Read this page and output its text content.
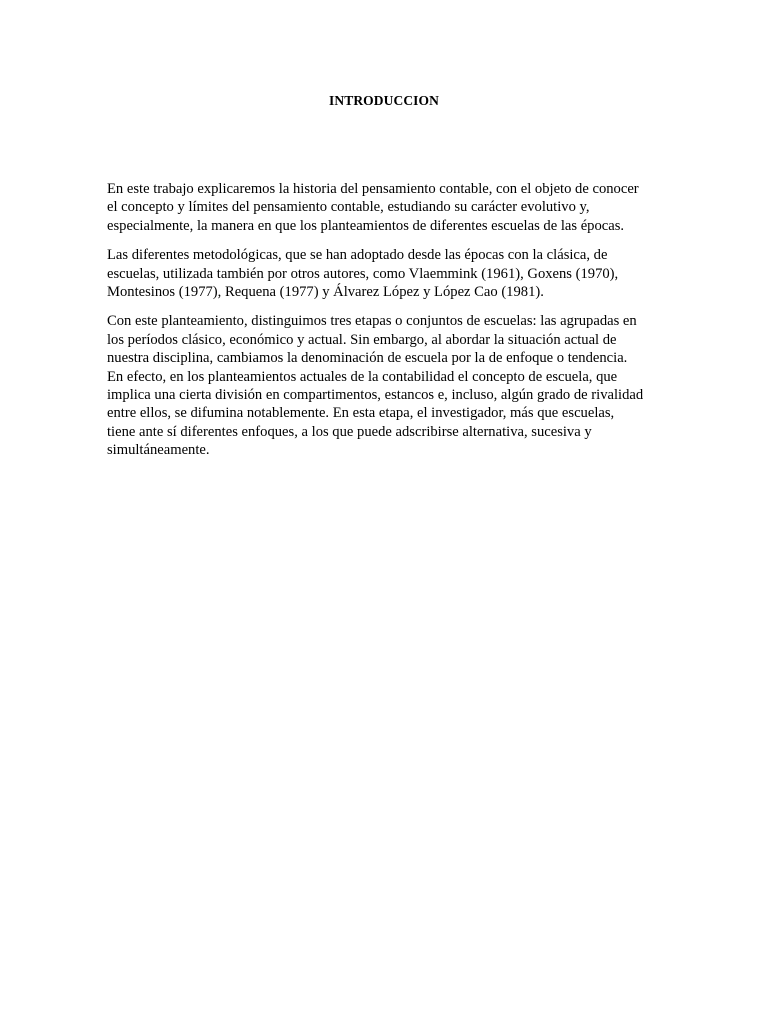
INTRODUCCION

En este trabajo explicaremos la historia del pensamiento contable, con el objeto de conocer
el concepto y límites del pensamiento contable, estudiando su carácter evolutivo y,
especialmente, la manera en que los planteamientos de diferentes escuelas de las épocas.

Las diferentes metodológicas, que se han adoptado desde las épocas con la clásica, de
escuelas, utilizada también por otros autores, como Vlaemmink (1961), Goxens (1970),
Montesinos (1977), Requena (1977) y Álvarez López y López Cao (1981).

Con este planteamiento, distinguimos tres etapas o conjuntos de escuelas: las agrupadas en
los períodos clásico, económico y actual. Sin embargo, al abordar la situación actual de
nuestra disciplina, cambiamos la denominación de escuela por la de enfoque o tendencia.
En efecto, en los planteamientos actuales de la contabilidad el concepto de escuela, que
implica una cierta división en compartimentos, estancos e, incluso, algún grado de rivalidad
entre ellos, se difumina notablemente. En esta etapa, el investigador, más que escuelas,
tiene ante sí diferentes enfoques, a los que puede adscribirse alternativa, sucesiva y
simultáneamente.
